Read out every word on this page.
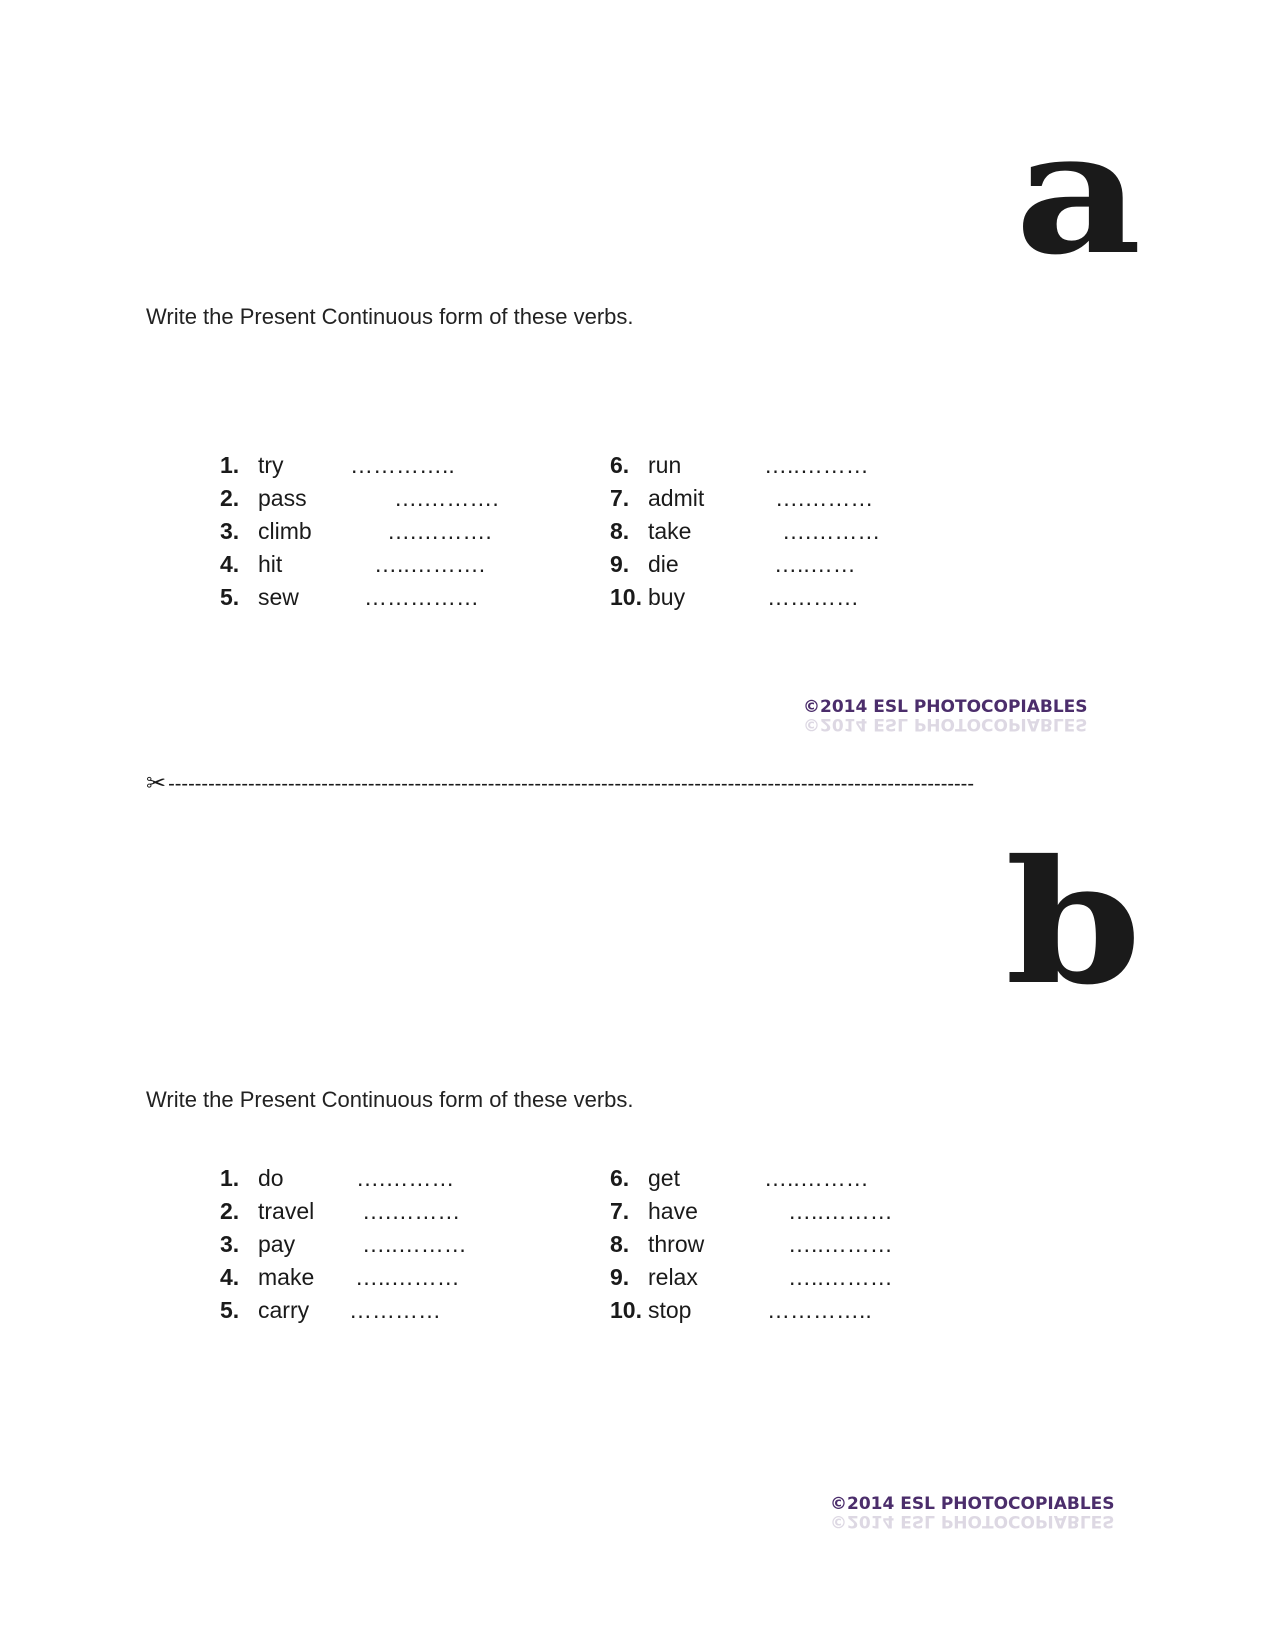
a
Write the Present Continuous form of these verbs.
1. try	…………..
2. pass	….……….
3. climb	….……….
4. hit	…..……….
5. sew	……………
6. run	…..………
7. admit	….………
8. take	….………
9. die	…..……
10. buy	…………
©2014 ESL PHOTOCOPIABLES
©2014 ESL PHOTOCOPIABLES
✂ -------------------------------------------------------------------------------------------------------------------------
b
Write the Present Continuous form of these verbs.
1. do	….………
2. travel ….………
3. pay	…..………
4. make …..………
5. carry …………
6. get	…..………
7. have	…..………
8. throw	…..………
9. relax	…..………
10. stop	…………..
©2014 ESL PHOTOCOPIABLES
©2014 ESL PHOTOCOPIABLES
